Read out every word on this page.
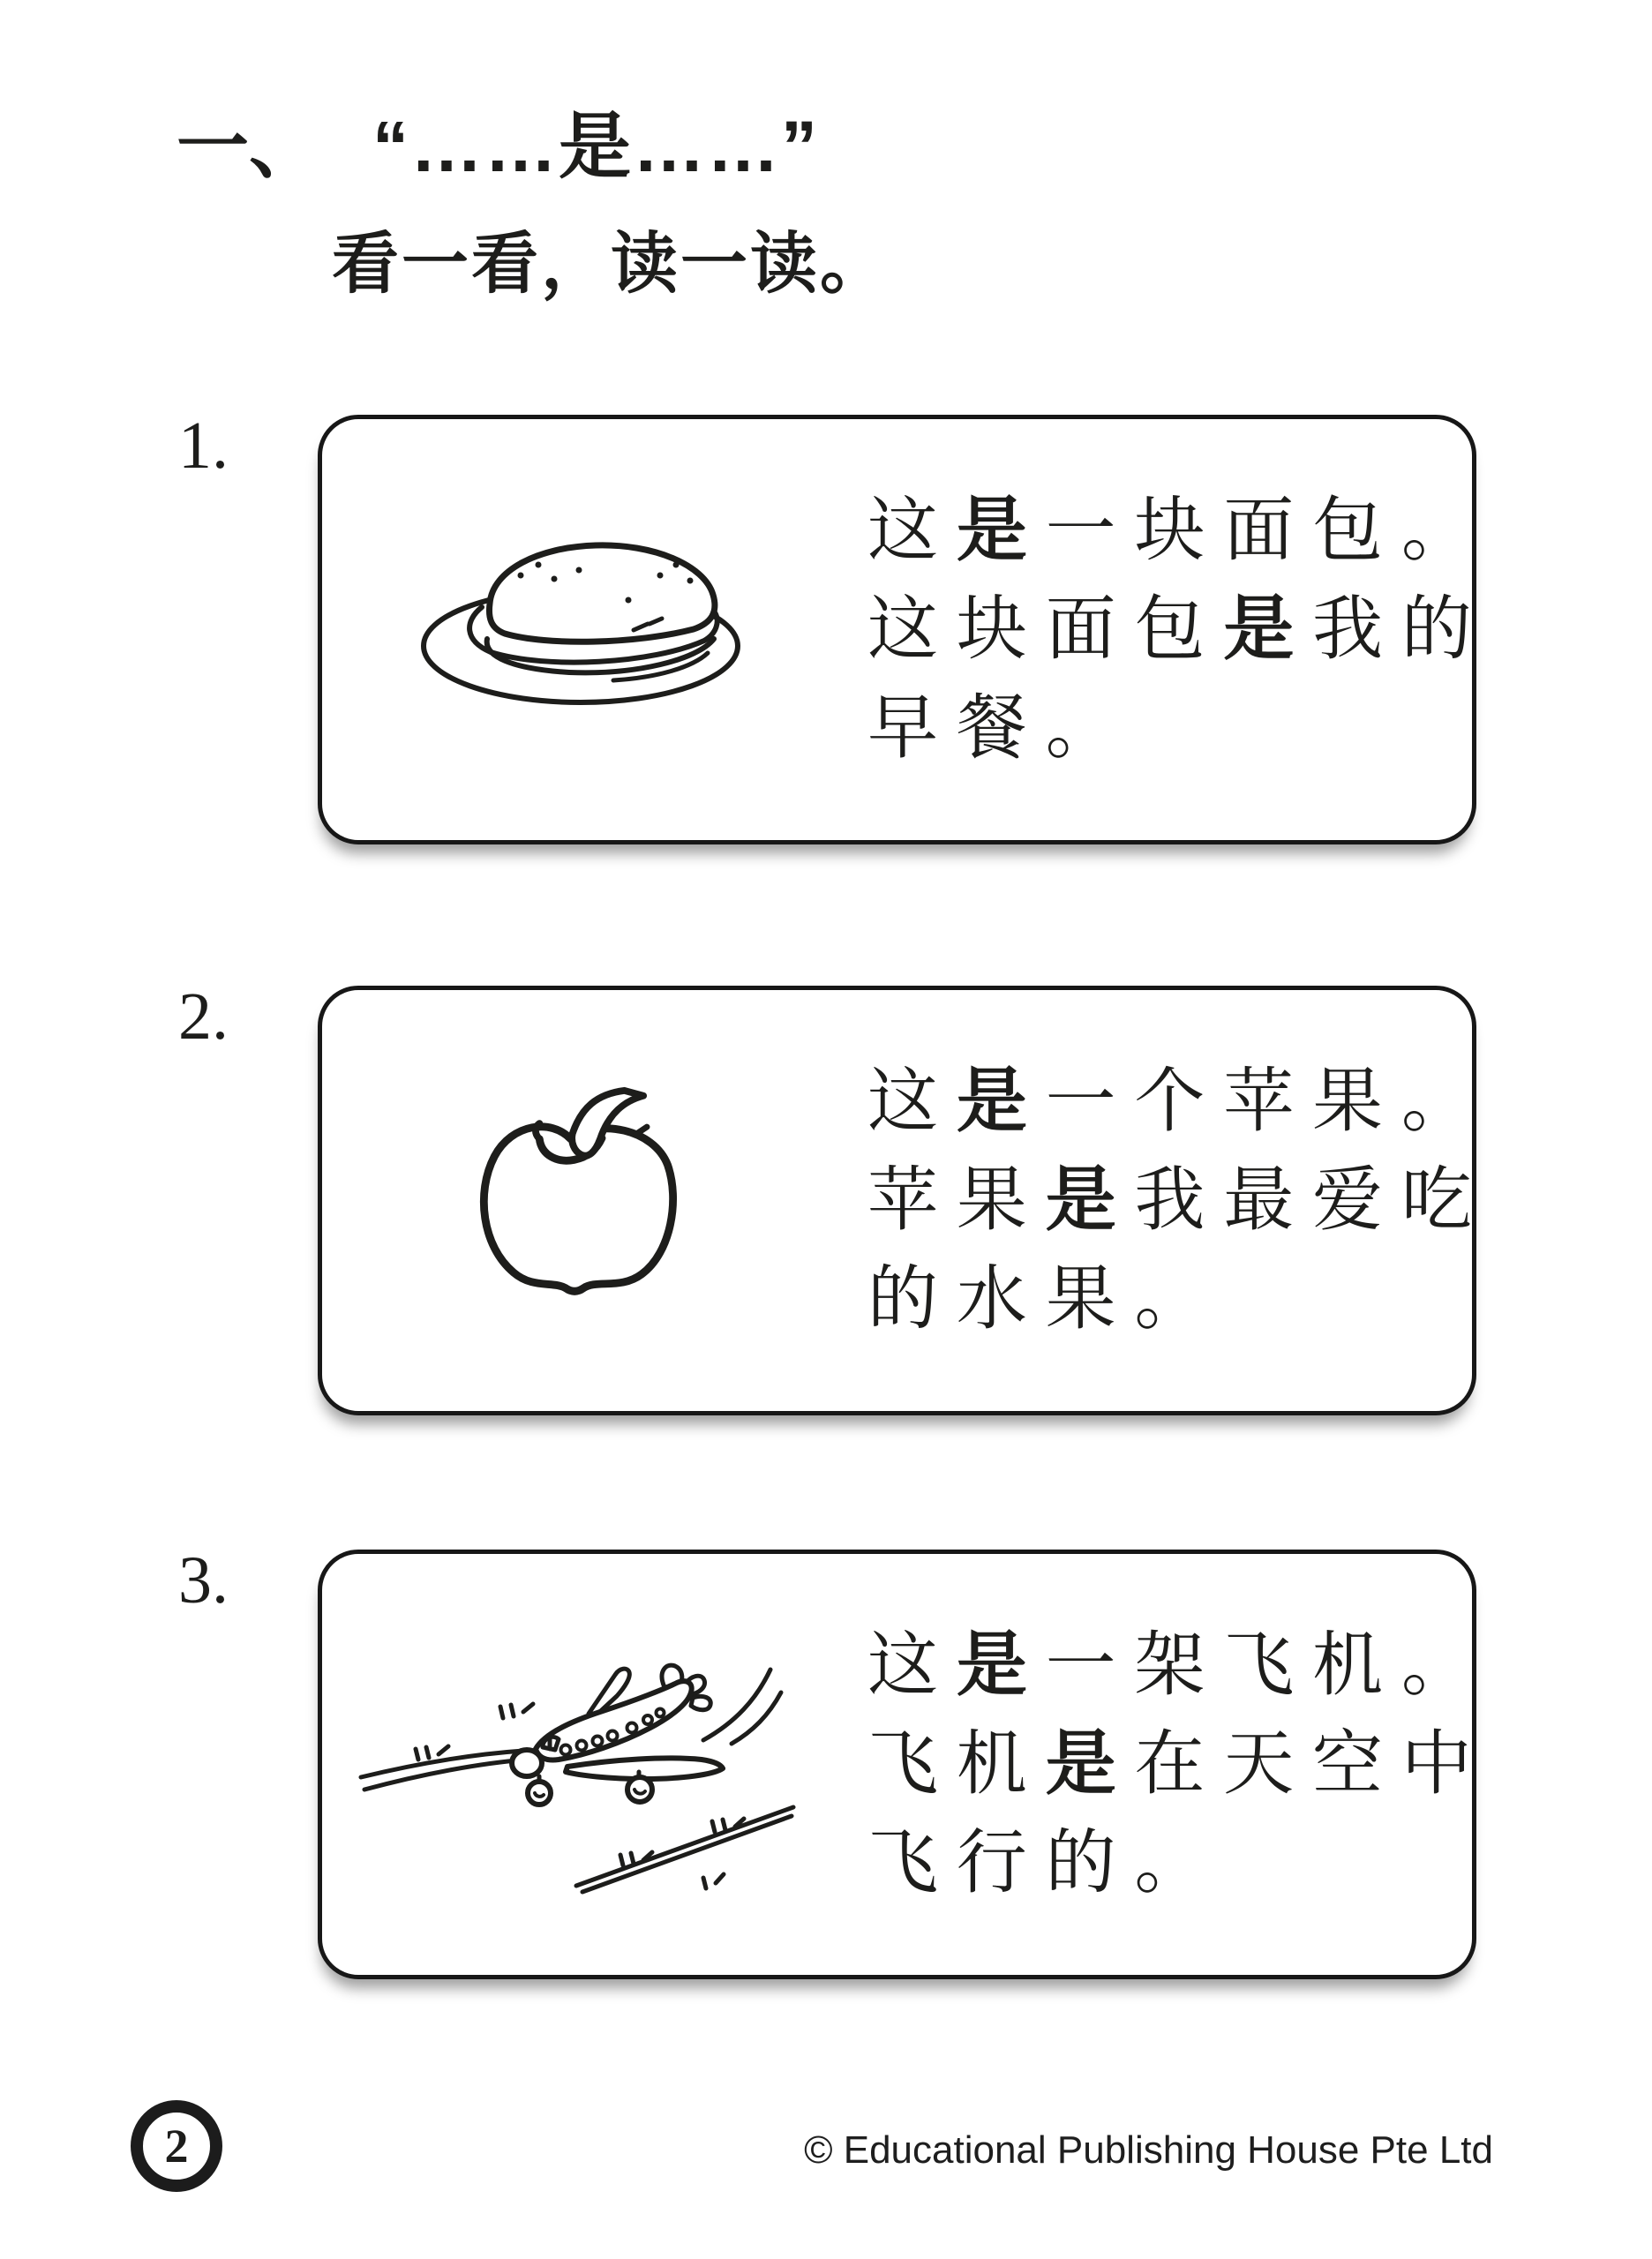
一、 “……是……”
看一看，读一读。
1.

这是一块面包。

这块面包是我的

早餐。

2.

这是一个苹果。

苹果是我最爱吃

的水果。

3.

这是一架飞机。

飞机是在天空中

飞行的。

2	© Educational Publishing House Pte Ltd
